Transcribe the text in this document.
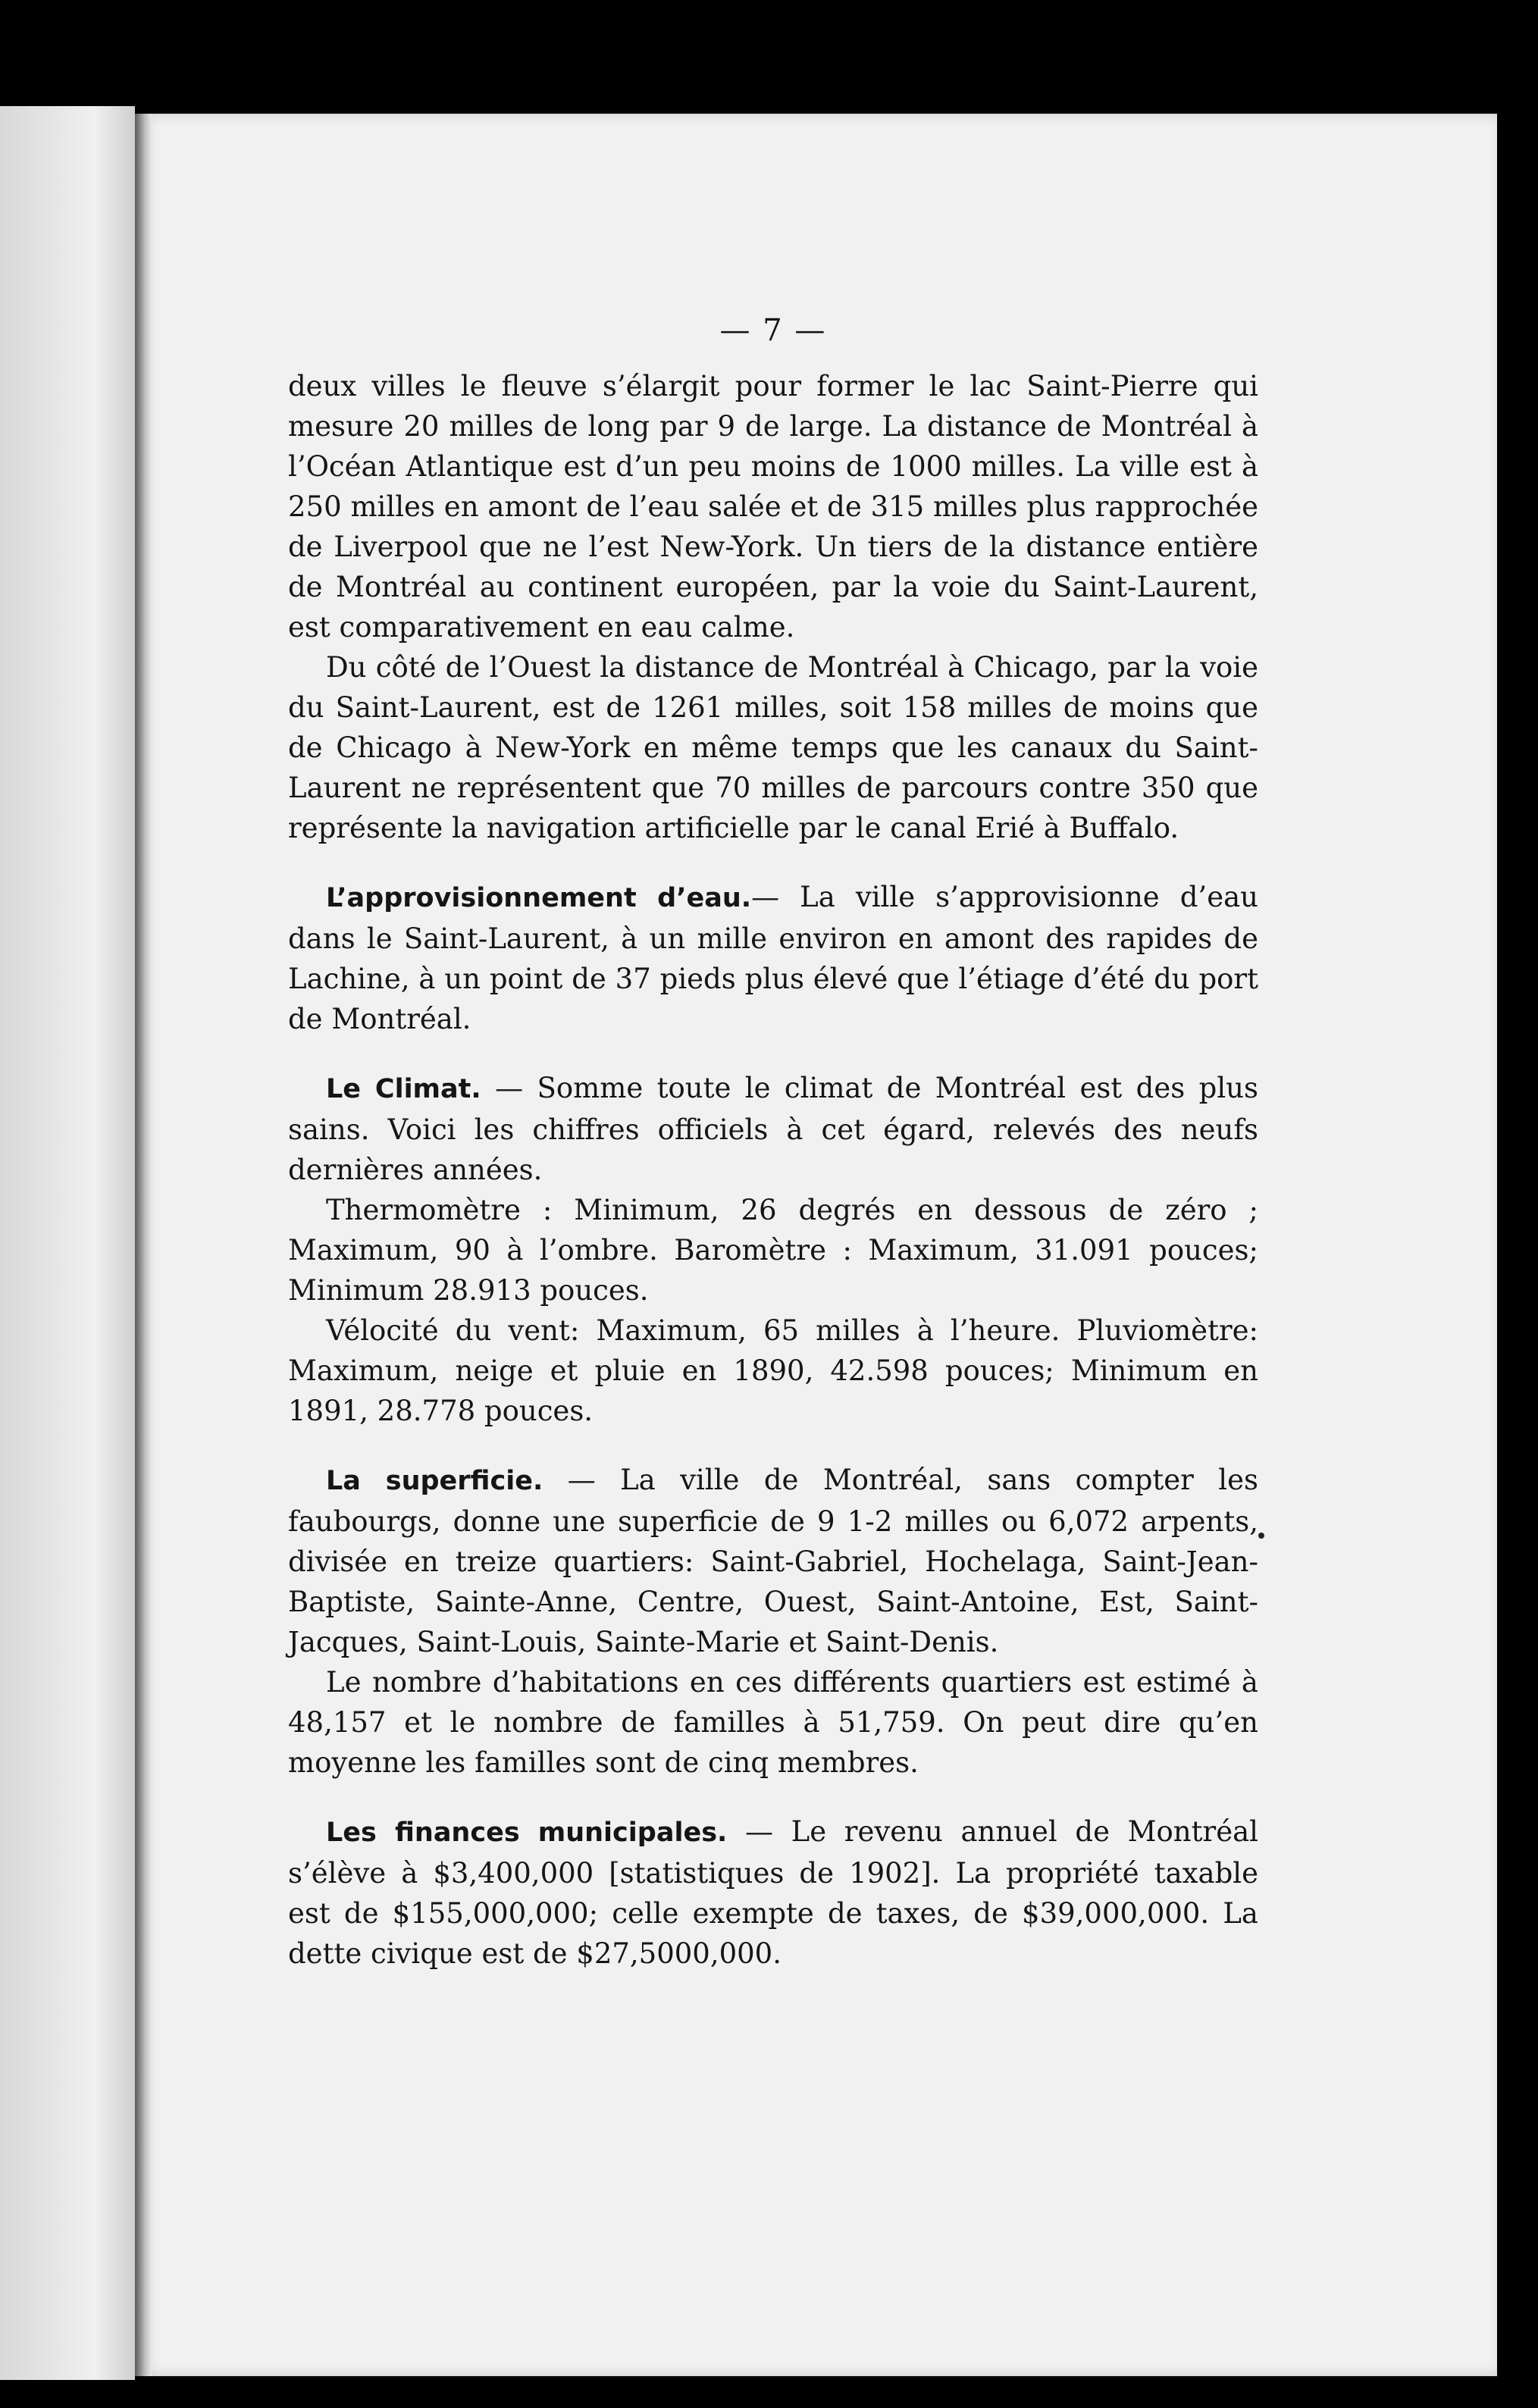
— 7 —

deux villes le fleuve s’élargit pour former le lac Saint-Pierre qui mesure 20 milles de long par 9 de large. La distance de Montréal à l’Océan Atlantique est d’un peu moins de 1000 milles. La ville est à 250 milles en amont de l’eau salée et de 315 milles plus rapprochée de Liverpool que ne l’est New-York. Un tiers de la distance entière de Montréal au continent européen, par la voie du Saint-Laurent, est comparativement en eau calme.

Du côté de l’Ouest la distance de Montréal à Chicago, par la voie du Saint-Laurent, est de 1261 milles, soit 158 milles de moins que de Chicago à New-York en même temps que les canaux du Saint-Laurent ne représentent que 70 milles de parcours contre 350 que représente la navigation artificielle par le canal Erié à Buffalo.

L’approvisionnement d’eau.— La ville s’approvisionne d’eau dans le Saint-Laurent, à un mille environ en amont des rapides de Lachine, à un point de 37 pieds plus élevé que l’étiage d’été du port de Montréal.

Le Climat. — Somme toute le climat de Montréal est des plus sains. Voici les chiffres officiels à cet égard, relevés des neufs dernières années.

Thermomètre : Minimum, 26 degrés en dessous de zéro ; Maximum, 90 à l’ombre. Baromètre : Maximum, 31.091 pouces; Minimum 28.913 pouces.

Vélocité du vent: Maximum, 65 milles à l’heure. Pluviomètre: Maximum, neige et pluie en 1890, 42.598 pouces; Minimum en 1891, 28.778 pouces.

La superficie. — La ville de Montréal, sans compter les faubourgs, donne une superficie de 9 1-2 milles ou 6,072 arpents, divisée en treize quartiers: Saint-Gabriel, Hochelaga, Saint-Jean-Baptiste, Sainte-Anne, Centre, Ouest, Saint-Antoine, Est, Saint-Jacques, Saint-Louis, Sainte-Marie et Saint-Denis.

Le nombre d’habitations en ces différents quartiers est estimé à 48,157 et le nombre de familles à 51,759. On peut dire qu’en moyenne les familles sont de cinq membres.

Les finances municipales. — Le revenu annuel de Montréal s’élève à $3,400,000 [statistiques de 1902]. La propriété taxable est de $155,000,000; celle exempte de taxes, de $39,000,000. La dette civique est de $27,5000,000.
